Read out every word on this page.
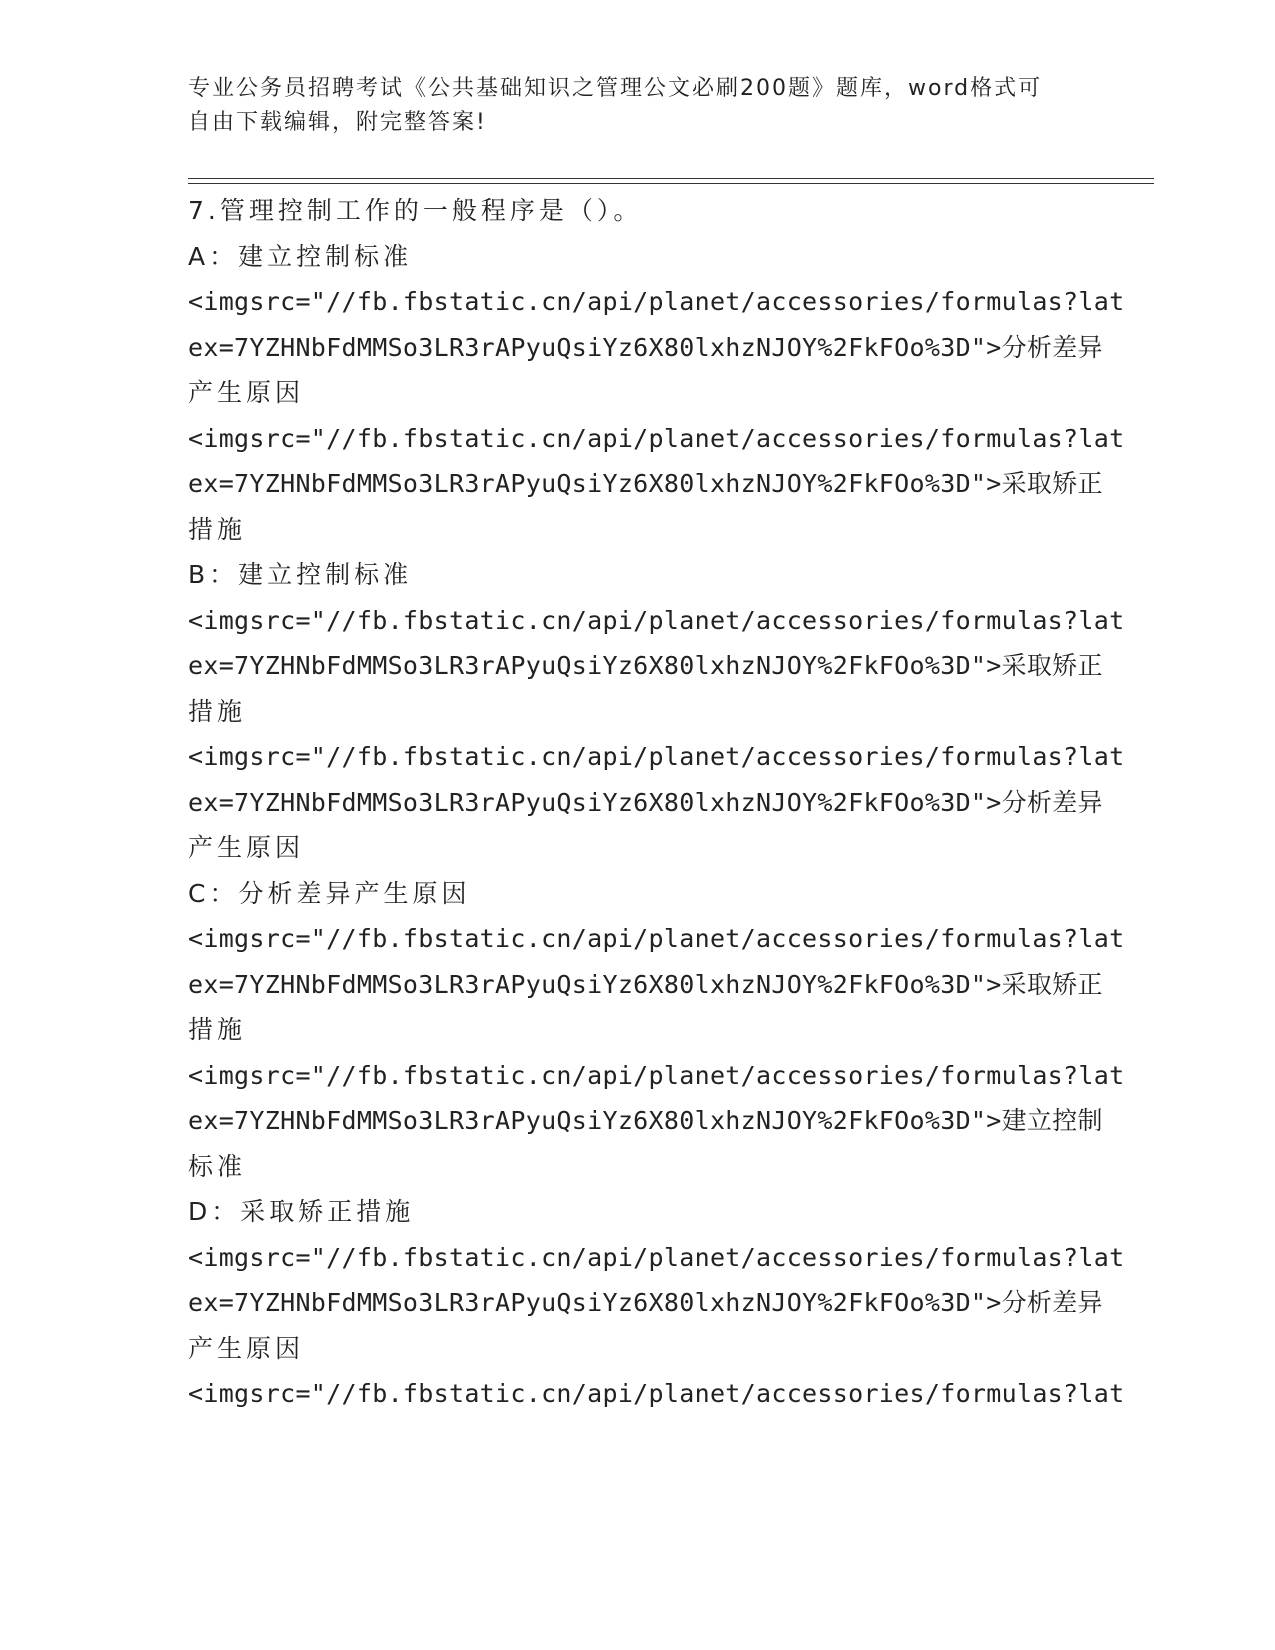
专业公务员招聘考试《公共基础知识之管理公文必刷200题》题库，word格式可
自由下载编辑，附完整答案!
7.管理控制工作的一般程序是（）。
A：建立控制标准
<imgsrc="//fb.fbstatic.cn/api/planet/accessories/formulas?lat
ex=7YZHNbFdMMSo3LR3rAPyuQsiYz6X80lxhzNJOY%2FkFOo%3D">分析差异
产生原因
<imgsrc="//fb.fbstatic.cn/api/planet/accessories/formulas?lat
ex=7YZHNbFdMMSo3LR3rAPyuQsiYz6X80lxhzNJOY%2FkFOo%3D">采取矫正
措施
B：建立控制标准
<imgsrc="//fb.fbstatic.cn/api/planet/accessories/formulas?lat
ex=7YZHNbFdMMSo3LR3rAPyuQsiYz6X80lxhzNJOY%2FkFOo%3D">采取矫正
措施
<imgsrc="//fb.fbstatic.cn/api/planet/accessories/formulas?lat
ex=7YZHNbFdMMSo3LR3rAPyuQsiYz6X80lxhzNJOY%2FkFOo%3D">分析差异
产生原因
C：分析差异产生原因
<imgsrc="//fb.fbstatic.cn/api/planet/accessories/formulas?lat
ex=7YZHNbFdMMSo3LR3rAPyuQsiYz6X80lxhzNJOY%2FkFOo%3D">采取矫正
措施
<imgsrc="//fb.fbstatic.cn/api/planet/accessories/formulas?lat
ex=7YZHNbFdMMSo3LR3rAPyuQsiYz6X80lxhzNJOY%2FkFOo%3D">建立控制
标准
D：采取矫正措施
<imgsrc="//fb.fbstatic.cn/api/planet/accessories/formulas?lat
ex=7YZHNbFdMMSo3LR3rAPyuQsiYz6X80lxhzNJOY%2FkFOo%3D">分析差异
产生原因
<imgsrc="//fb.fbstatic.cn/api/planet/accessories/formulas?lat
